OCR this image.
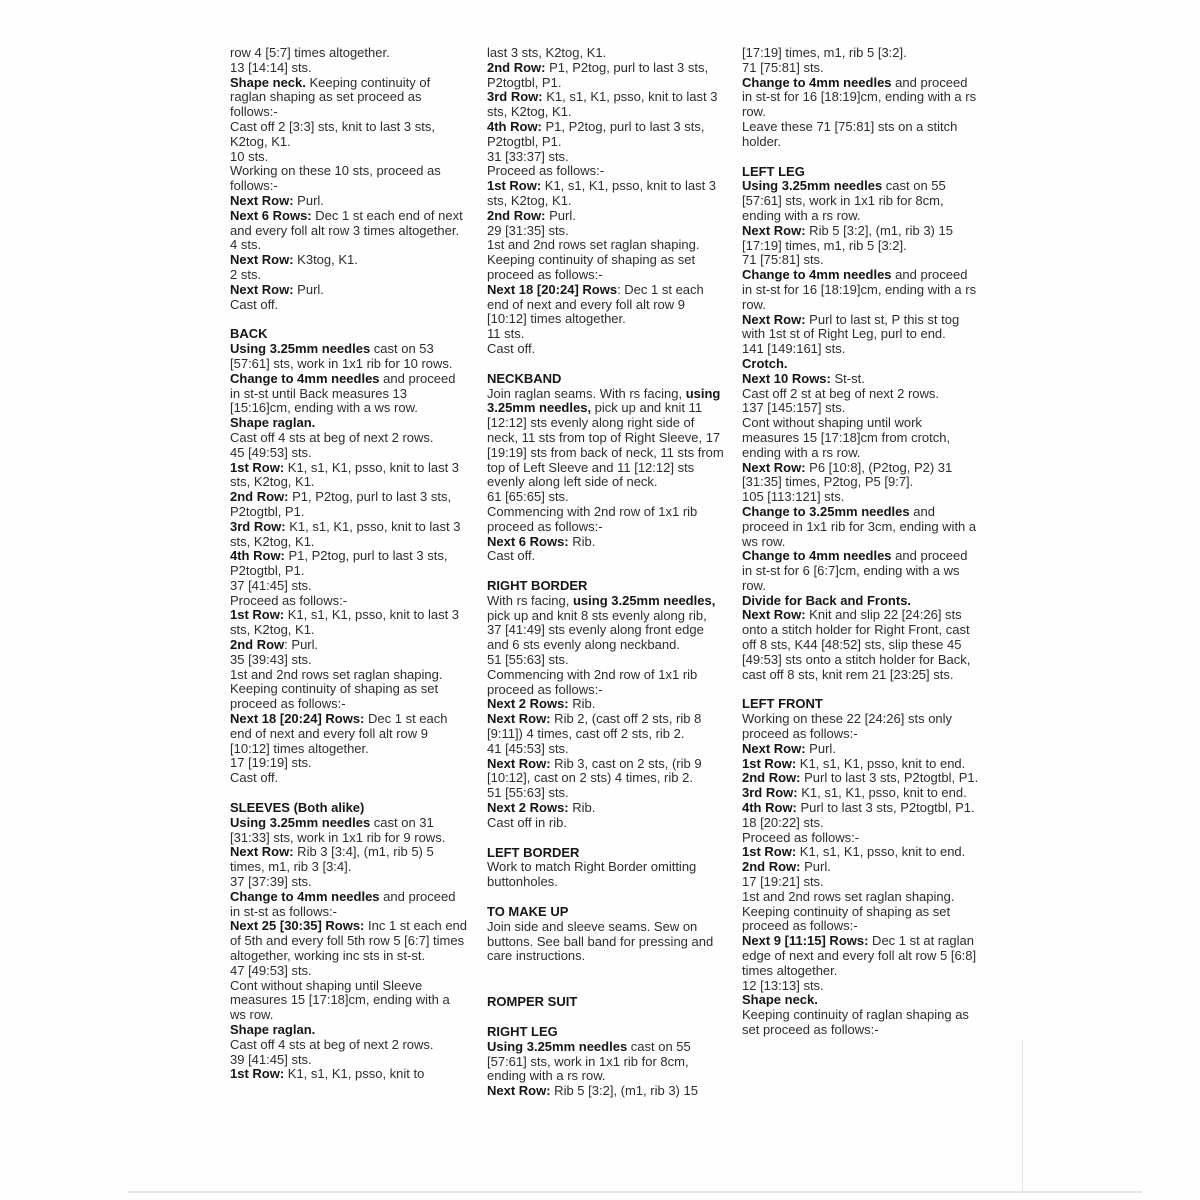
row 4 [5:7] times altogether.

13 [14:14] sts.

Shape neck. Keeping continuity of raglan shaping as set proceed as follows:-

Cast off 2 [3:3] sts, knit to last 3 sts, K2tog, K1.

10 sts.

Working on these 10 sts, proceed as follows:-

Next Row: Purl.

Next 6 Rows: Dec 1 st each end of next and every foll alt row 3 times altogether.

4 sts.

Next Row: K3tog, K1.

2 sts.

Next Row: Purl.

Cast off.

BACK

Using 3.25mm needles cast on 53 [57:61] sts, work in 1x1 rib for 10 rows.

Change to 4mm needles and proceed in st-st until Back measures 13 [15:16]cm, ending with a ws row.

Shape raglan.

Cast off 4 sts at beg of next 2 rows.

45 [49:53] sts.

1st Row: K1, s1, K1, psso, knit to last 3 sts, K2tog, K1.

2nd Row: P1, P2tog, purl to last 3 sts, P2togtbl, P1.

3rd Row: K1, s1, K1, psso, knit to last 3 sts, K2tog, K1.

4th Row: P1, P2tog, purl to last 3 sts, P2togtbl, P1.

37 [41:45] sts.

Proceed as follows:-

1st Row: K1, s1, K1, psso, knit to last 3 sts, K2tog, K1.

2nd Row: Purl.

35 [39:43] sts.

1st and 2nd rows set raglan shaping. Keeping continuity of shaping as set proceed as follows:-

Next 18 [20:24] Rows: Dec 1 st each end of next and every foll alt row 9 [10:12] times altogether.

17 [19:19] sts.

Cast off.

SLEEVES (Both alike)

Using 3.25mm needles cast on 31 [31:33] sts, work in 1x1 rib for 9 rows.

Next Row: Rib 3 [3:4], (m1, rib 5) 5 times, m1, rib 3 [3:4].

37 [37:39] sts.

Change to 4mm needles and proceed in st-st as follows:-

Next 25 [30:35] Rows: Inc 1 st each end of 5th and every foll 5th row 5 [6:7] times altogether, working inc sts in st-st.

47 [49:53] sts.

Cont without shaping until Sleeve measures 15 [17:18]cm, ending with a ws row.

Shape raglan.

Cast off 4 sts at beg of next 2 rows.

39 [41:45] sts.

1st Row: K1, s1, K1, psso, knit to

last 3 sts, K2tog, K1.

2nd Row: P1, P2tog, purl to last 3 sts, P2togtbl, P1.

3rd Row: K1, s1, K1, psso, knit to last 3 sts, K2tog, K1.

4th Row: P1, P2tog, purl to last 3 sts, P2togtbl, P1.

31 [33:37] sts.

Proceed as follows:-

1st Row: K1, s1, K1, psso, knit to last 3 sts, K2tog, K1.

2nd Row: Purl.

29 [31:35] sts.

1st and 2nd rows set raglan shaping. Keeping continuity of shaping as set proceed as follows:-

Next 18 [20:24] Rows: Dec 1 st each end of next and every foll alt row 9 [10:12] times altogether.

11 sts.

Cast off.

NECKBAND

Join raglan seams. With rs facing, using 3.25mm needles, pick up and knit 11 [12:12] sts evenly along right side of neck, 11 sts from top of Right Sleeve, 17 [19:19] sts from back of neck, 11 sts from top of Left Sleeve and 11 [12:12] sts evenly along left side of neck.

61 [65:65] sts.

Commencing with 2nd row of 1x1 rib proceed as follows:-

Next 6 Rows: Rib.

Cast off.

RIGHT BORDER

With rs facing, using 3.25mm needles, pick up and knit 8 sts evenly along rib, 37 [41:49] sts evenly along front edge and 6 sts evenly along neckband.

51 [55:63] sts.

Commencing with 2nd row of 1x1 rib proceed as follows:-

Next 2 Rows: Rib.

Next Row: Rib 2, (cast off 2 sts, rib 8 [9:11]) 4 times, cast off 2 sts, rib 2.

41 [45:53] sts.

Next Row: Rib 3, cast on 2 sts, (rib 9 [10:12], cast on 2 sts) 4 times, rib 2.

51 [55:63] sts.

Next 2 Rows: Rib.

Cast off in rib.

LEFT BORDER

Work to match Right Border omitting buttonholes.

TO MAKE UP

Join side and sleeve seams. Sew on buttons. See ball band for pressing and care instructions.

ROMPER SUIT

RIGHT LEG

Using 3.25mm needles cast on 55 [57:61] sts, work in 1x1 rib for 8cm, ending with a rs row.

Next Row: Rib 5 [3:2], (m1, rib 3) 15

[17:19] times, m1, rib 5 [3:2].

71 [75:81] sts.

Change to 4mm needles and proceed in st-st for 16 [18:19]cm, ending with a rs row.

Leave these 71 [75:81] sts on a stitch holder.

LEFT LEG

Using 3.25mm needles cast on 55 [57:61] sts, work in 1x1 rib for 8cm, ending with a rs row.

Next Row: Rib 5 [3:2], (m1, rib 3) 15 [17:19] times, m1, rib 5 [3:2].

71 [75:81] sts.

Change to 4mm needles and proceed in st-st for 16 [18:19]cm, ending with a rs row.

Next Row: Purl to last st, P this st tog with 1st st of Right Leg, purl to end.

141 [149:161] sts.

Crotch.

Next 10 Rows: St-st.

Cast off 2 st at beg of next 2 rows.

137 [145:157] sts.

Cont without shaping until work measures 15 [17:18]cm from crotch, ending with a rs row.

Next Row: P6 [10:8], (P2tog, P2) 31 [31:35] times, P2tog, P5 [9:7].

105 [113:121] sts.

Change to 3.25mm needles and proceed in 1x1 rib for 3cm, ending with a ws row.

Change to 4mm needles and proceed in st-st for 6 [6:7]cm, ending with a ws row.

Divide for Back and Fronts.

Next Row: Knit and slip 22 [24:26] sts onto a stitch holder for Right Front, cast off 8 sts, K44 [48:52] sts, slip these 45 [49:53] sts onto a stitch holder for Back, cast off 8 sts, knit rem 21 [23:25] sts.

LEFT FRONT

Working on these 22 [24:26] sts only proceed as follows:-

Next Row: Purl.

1st Row: K1, s1, K1, psso, knit to end.

2nd Row: Purl to last 3 sts, P2togtbl, P1.

3rd Row: K1, s1, K1, psso, knit to end.

4th Row: Purl to last 3 sts, P2togtbl, P1.

18 [20:22] sts.

Proceed as follows:-

1st Row: K1, s1, K1, psso, knit to end.

2nd Row: Purl.

17 [19:21] sts.

1st and 2nd rows set raglan shaping. Keeping continuity of shaping as set proceed as follows:-

Next 9 [11:15] Rows: Dec 1 st at raglan edge of next and every foll alt row 5 [6:8] times altogether.

12 [13:13] sts.

Shape neck.

Keeping continuity of raglan shaping as set proceed as follows:-
